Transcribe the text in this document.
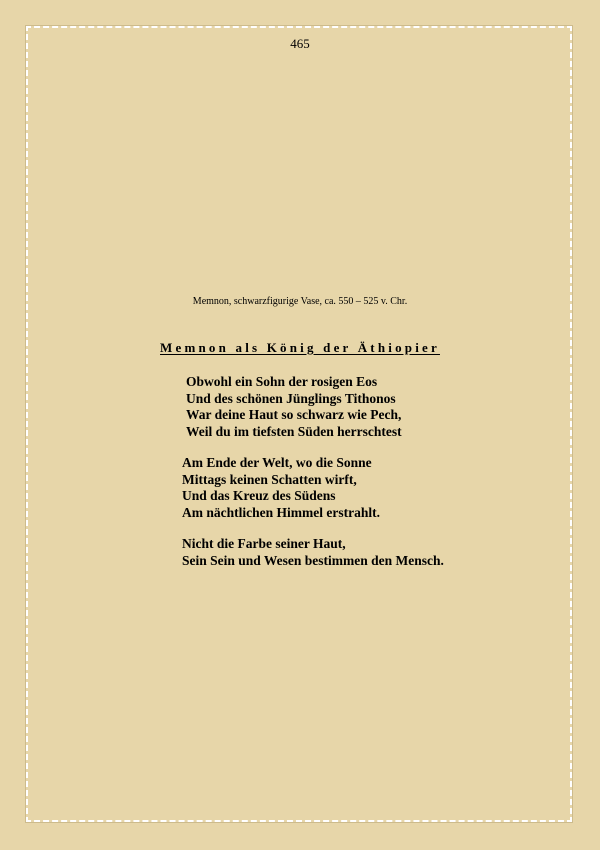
465
Memnon, schwarzfigurige Vase, ca. 550 – 525 v. Chr.
Memnon als König der Äthiopier
Obwohl ein Sohn der rosigen Eos
Und des schönen Jünglings Tithonos
War deine Haut so schwarz wie Pech,
Weil du im tiefsten Süden herrschtest
Am Ende der Welt, wo die Sonne
Mittags keinen Schatten wirft,
Und das Kreuz des Südens
Am nächtlichen Himmel erstrahlt.
Nicht die Farbe seiner Haut,
Sein Sein und Wesen bestimmen den Mensch.
